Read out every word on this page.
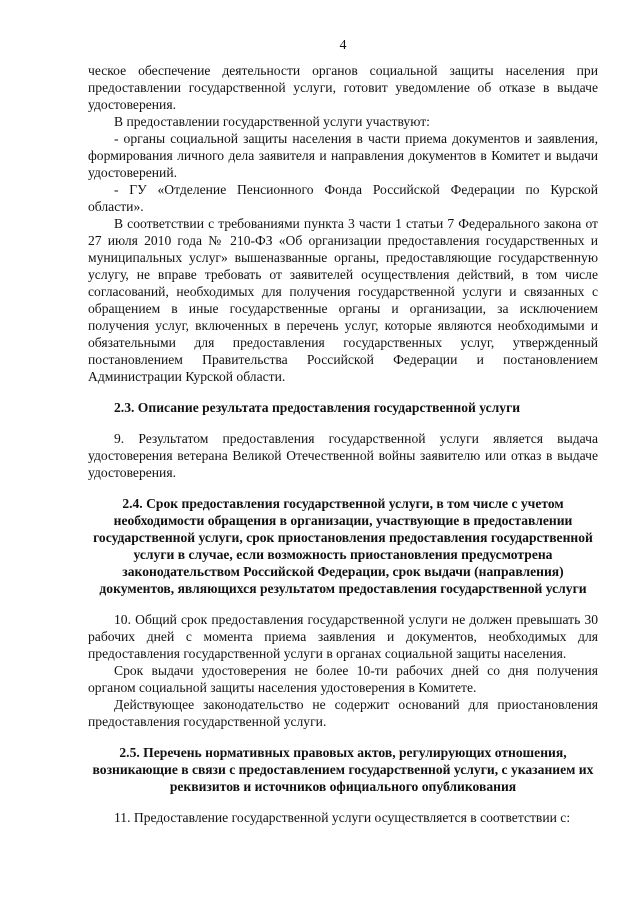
4

ческое обеспечение деятельности органов социальной защиты населения при предоставлении государственной услуги, готовит уведомление об отказе в выдаче удостоверения.

В предоставлении государственной услуги участвуют:

- органы социальной защиты населения в части приема документов и заявления, формирования личного дела заявителя и направления документов в Комитет и выдачи удостоверений.

- ГУ «Отделение Пенсионного Фонда Российской Федерации по Курской области».

В соответствии с требованиями пункта 3 части 1 статьи 7 Федерального закона от 27 июля 2010 года № 210-ФЗ «Об организации предоставления государственных и муниципальных услуг» вышеназванные органы, предоставляющие государственную услугу, не вправе требовать от заявителей осуществления действий, в том числе согласований, необходимых для получения государственной услуги и связанных с обращением в иные государственные органы и организации, за исключением получения услуг, включенных в перечень услуг, которые являются необходимыми и обязательными для предоставления государственных услуг, утвержденный постановлением Правительства Российской Федерации и постановлением Администрации Курской области.

2.3. Описание результата предоставления государственной услуги

9. Результатом предоставления государственной услуги является выдача удостоверения ветерана Великой Отечественной войны заявителю или отказ в выдаче удостоверения.

2.4. Срок предоставления государственной услуги, в том числе с учетом необходимости обращения в организации, участвующие в предоставлении государственной услуги, срок приостановления предоставления государственной услуги в случае, если возможность приостановления предусмотрена законодательством Российской Федерации, срок выдачи (направления) документов, являющихся результатом предоставления государственной услуги

10. Общий срок предоставления государственной услуги не должен превышать 30 рабочих дней с момента приема заявления и документов, необходимых для предоставления государственной услуги в органах социальной защиты населения.

Срок выдачи удостоверения не более 10-ти рабочих дней со дня получения органом социальной защиты населения удостоверения в Комитете.

Действующее законодательство не содержит оснований для приостановления предоставления государственной услуги.

2.5. Перечень нормативных правовых актов, регулирующих отношения, возникающие в связи с предоставлением государственной услуги, с указанием их реквизитов и источников официального опубликования

11. Предоставление государственной услуги осуществляется в соответствии с:
